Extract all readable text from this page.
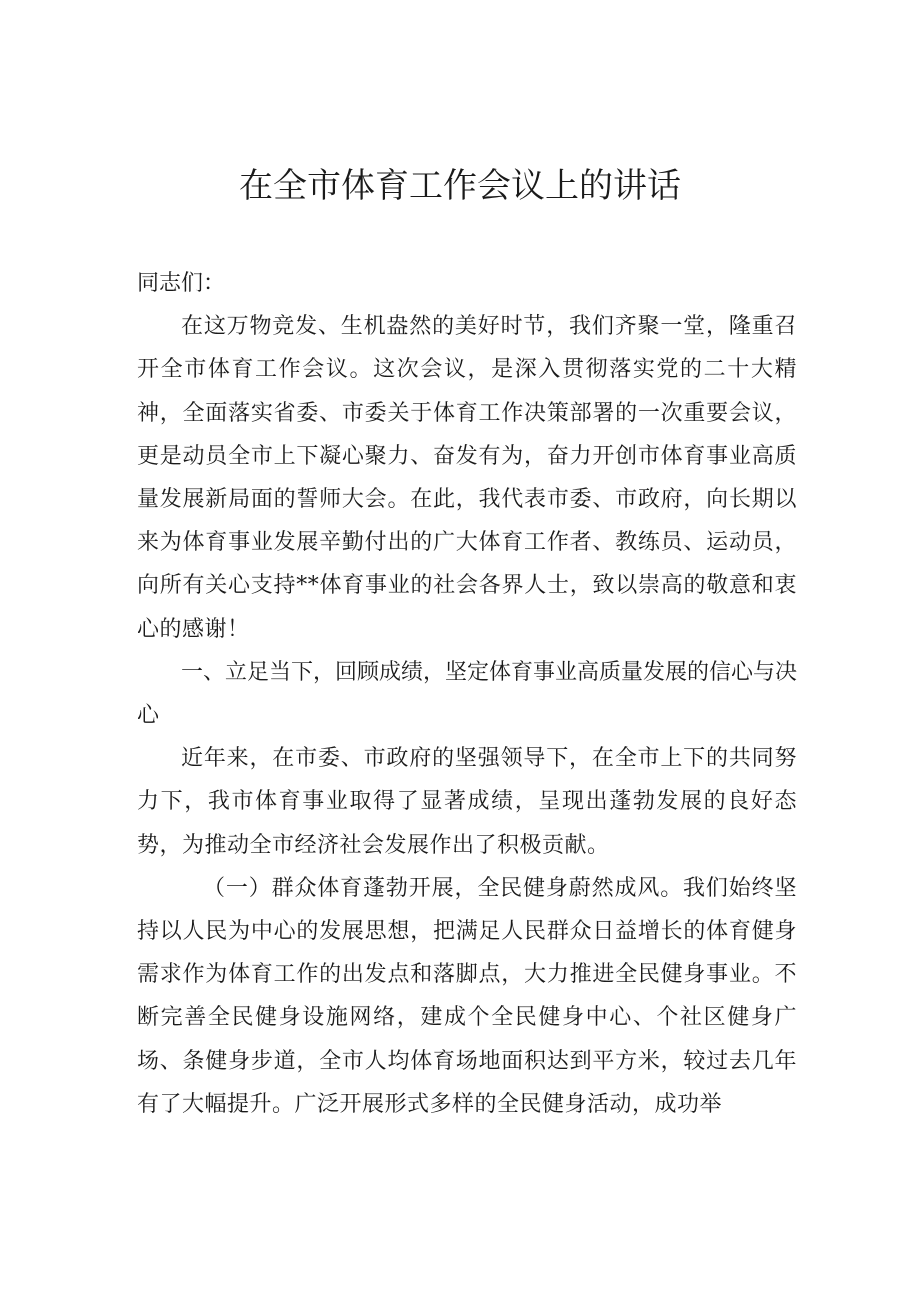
在全市体育工作会议上的讲话

同志们：

在这万物竞发、生机盎然的美好时节，我们齐聚一堂，隆重召开全市体育工作会议。这次会议，是深入贯彻落实党的二十大精神，全面落实省委、市委关于体育工作决策部署的一次重要会议，更是动员全市上下凝心聚力、奋发有为，奋力开创市体育事业高质量发展新局面的誓师大会。在此，我代表市委、市政府，向长期以来为体育事业发展辛勤付出的广大体育工作者、教练员、运动员，向所有关心支持**体育事业的社会各界人士，致以崇高的敬意和衷心的感谢！

一、立足当下，回顾成绩，坚定体育事业高质量发展的信心与决心

近年来，在市委、市政府的坚强领导下，在全市上下的共同努力下，我市体育事业取得了显著成绩，呈现出蓬勃发展的良好态势，为推动全市经济社会发展作出了积极贡献。

（一）群众体育蓬勃开展，全民健身蔚然成风。我们始终坚持以人民为中心的发展思想，把满足人民群众日益增长的体育健身需求作为体育工作的出发点和落脚点，大力推进全民健身事业。不断完善全民健身设施网络，建成个全民健身中心、个社区健身广场、条健身步道，全市人均体育场地面积达到平方米，较过去几年有了大幅提升。广泛开展形式多样的全民健身活动，成功举
